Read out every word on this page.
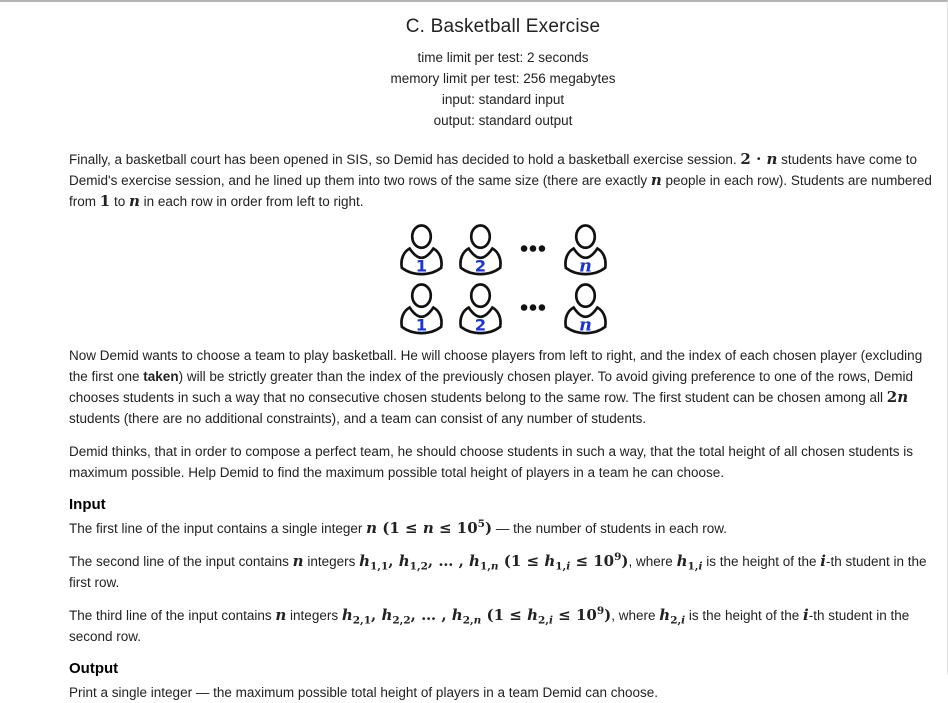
C. Basketball Exercise
time limit per test: 2 seconds
memory limit per test: 256 megabytes
input: standard input
output: standard output

Finally, a basketball court has been opened in SIS, so Demid has decided to hold a basketball exercise session. 2 · n students have come to Demid's exercise session, and he lined up them into two rows of the same size (there are exactly n people in each row). Students are numbered from 1 to n in each row in order from left to right.

1 2	n
1 2	n

Now Demid wants to choose a team to play basketball. He will choose players from left to right, and the index of each chosen player (excluding the first one taken) will be strictly greater than the index of the previously chosen player. To avoid giving preference to one of the rows, Demid chooses students in such a way that no consecutive chosen students belong to the same row. The first student can be chosen among all 2n students (there are no additional constraints), and a team can consist of any number of students.

Demid thinks, that in order to compose a perfect team, he should choose students in such a way, that the total height of all chosen students is maximum possible. Help Demid to find the maximum possible total height of players in a team he can choose.

Input

The first line of the input contains a single integer n $(1 \le n \le 10^5)$ — the number of students in each row.

The second line of the input contains n integers $h_{1,1}$, $h_{1,2}$, … , $h_{1,n}$ $(1 \le h_{1,i} \le 10^9)$, where $h_{1,i}$ is the height of the i-th student in the first row.

The third line of the input contains n integers $h_{2,1}$, $h_{2,2}$, … , $h_{2,n}$ $(1 \le h_{2,i} \le 10^9)$, where $h_{2,i}$ is the height of the i-th student in the second row.

Output

Print a single integer — the maximum possible total height of players in a team Demid can choose.
